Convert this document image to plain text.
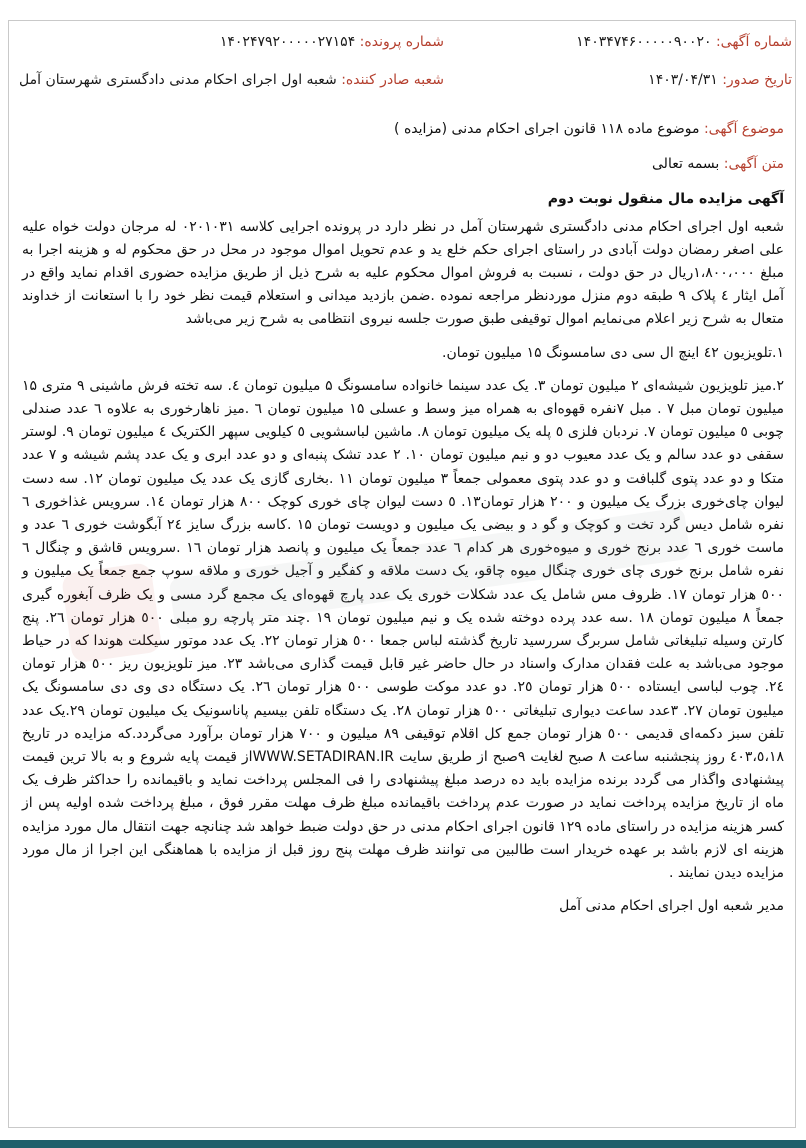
شماره آگهی: ۱۴۰۳۴۷۴۶۰۰۰۰۰۹۰۰۲۰
شماره پرونده: ۱۴۰۲۴۷۹۲۰۰۰۰۰۲۷۱۵۴
تاریخ صدور: ۱۴۰۳/۰۴/۳۱
شعبه صادر کننده: شعبه اول اجرای احکام مدنی دادگستری شهرستان آمل
موضوع آگهی: موضوع ماده ۱۱۸ قانون اجرای احکام مدنی (مزایده )
متن آگهی: بسمه تعالی

آگهی مزایده مال منقول نوبت دوم

شعبه اول اجرای احکام مدنی دادگستری شهرستان آمل در نظر دارد در پرونده اجرایی کلاسه ۰۲۰۱۰۳۱ له مرجان دولت خواه علیه علی اصغر رمضان دولت آبادی در راستای اجرای حکم خلع ید و عدم تحویل اموال موجود در محل در حق محکوم له و هزینه اجرا به مبلغ ۱،۸۰۰،۰۰۰ریال در حق دولت ، نسبت به فروش اموال محکوم علیه به شرح ذیل از طریق مزایده حضوری اقدام نماید واقع در آمل ایثار ٤ پلاک ۹ طبقه دوم منزل موردنظر مراجعه نموده .ضمن بازدید میدانی و استعلام قیمت نظر خود را با استعانت از خداوند متعال به شرح زیر اعلام می‌نمایم اموال توقیفی طبق صورت جلسه نیروی انتظامی به شرح زیر می‌باشد

۱.تلویزیون ٤۲ اینچ ال سی دی سامسونگ ۱۵ میلیون تومان.

۲.میز تلویزیون شیشه‌ای ۲ میلیون تومان ۳. یک عدد سینما خانواده سامسونگ ۵ میلیون تومان ٤. سه تخته فرش ماشینی ۹ متری ۱۵ میلیون تومان مبل ۷ . مبل ۷نفره قهوه‌ای به همراه میز وسط و عسلی ۱۵ میلیون تومان ٦ .میز ناهارخوری به علاوه ٦ عدد صندلی چوبی ٥ میلیون تومان ۷. نردبان فلزی ٥ پله یک میلیون تومان ۸. ماشین لباسشویی ٥ کیلویی سپهر الکتریک ٤ میلیون تومان ۹. لوستر سقفی دو عدد سالم و یک عدد معیوب دو و نیم میلیون تومان ۱۰. ۲ عدد تشک پنبه‌ای و دو عدد ابری و یک عدد پشم شیشه و ۷ عدد متکا و دو عدد پتوی گلبافت و دو عدد پتوی معمولی جمعاً ۳ میلیون تومان ۱۱ .بخاری گازی یک عدد یک میلیون تومان ۱۲. سه دست لیوان چای‌خوری بزرگ یک میلیون و ۲۰۰ هزار تومان۱۳. ٥ دست لیوان چای خوری کوچک ۸۰۰ هزار تومان ۱٤. سرویس غذاخوری ٦ نفره شامل دیس گرد تخت و کوچک و گو د و بیضی یک میلیون و دویست تومان ۱۵ .کاسه بزرگ سایز ۲٤ آبگوشت خوری ٦ عدد و ماست خوری ٦ عدد برنج خوری و میوه‌خوری هر کدام ٦ عدد جمعاً یک میلیون و پانصد هزار تومان ۱٦ .سرویس قاشق و چنگال ٦ نفره شامل برنج خوری چای خوری چنگال میوه چاقو، یک دست ملاقه و کفگیر و آجیل خوری و ملاقه سوپ جمع جمعاً یک میلیون و ٥۰۰ هزار تومان ۱۷. ظروف مس شامل یک عدد شکلات خوری یک عدد پارچ قهوه‌ای یک مجمع گرد مسی و یک ظرف آبغوره گیری جمعاً ۸ میلیون تومان ۱۸ .سه عدد پرده دوخته شده یک و نیم میلیون تومان ۱۹ .چند متر پارچه رو مبلی ٥۰۰ هزار تومان ۲٦. پنج کارتن وسیله تبلیغاتی شامل سربرگ سررسید تاریخ گذشته لباس جمعا ٥۰۰ هزار تومان ۲۲. یک عدد موتور سیکلت هوندا که در حیاط موجود می‌باشد به علت فقدان مدارک واسناد در حال حاضر غیر قابل قیمت گذاری می‌باشد ۲۳. میز تلویزیون ریز ٥۰۰ هزار تومان ۲٤. چوب لباسی ایستاده ٥۰۰ هزار تومان ۲٥. دو عدد موکت طوسی ٥۰۰ هزار تومان ۲٦. یک دستگاه دی وی دی سامسونگ یک میلیون تومان ۲۷. ۳عدد ساعت دیواری تبلیغاتی ٥۰۰ هزار تومان ۲۸. یک دستگاه تلفن بیسیم پاناسونیک یک میلیون تومان ۲۹.یک عدد تلفن سبز دکمه‌ای قدیمی ٥۰۰ هزار تومان جمع کل اقلام توقیفی ۸۹ میلیون و ۷۰۰ هزار تومان برآورد می‌گردد.که مزایده در تاریخ ٤۰۳،٥،۱۸ روز پنجشنبه ساعت ۸ صبح لغایت ۹صبح از طریق سایت WWW.SETADIRAN.IRاز قیمت پایه شروع و به بالا ترین قیمت پیشنهادی واگذار می گردد برنده مزایده باید ده درصد مبلغ پیشنهادی را فی المجلس پرداخت نماید و باقیمانده را حداکثر ظرف یک ماه از تاریخ مزایده پرداخت نماید در صورت عدم پرداخت باقیمانده مبلغ ظرف مهلت مقرر فوق ، مبلغ پرداخت شده اولیه پس از کسر هزینه مزایده در راستای ماده ۱۲۹ قانون اجرای احکام مدنی در حق دولت ضبط خواهد شد چنانچه جهت انتقال مال مورد مزایده هزینه ای لازم باشد بر عهده خریدار است طالبین می توانند ظرف مهلت پنج روز قبل از مزایده با هماهنگی این اجرا از مال مورد مزایده دیدن نمایند .

مدیر شعبه اول اجرای احکام مدنی آمل
